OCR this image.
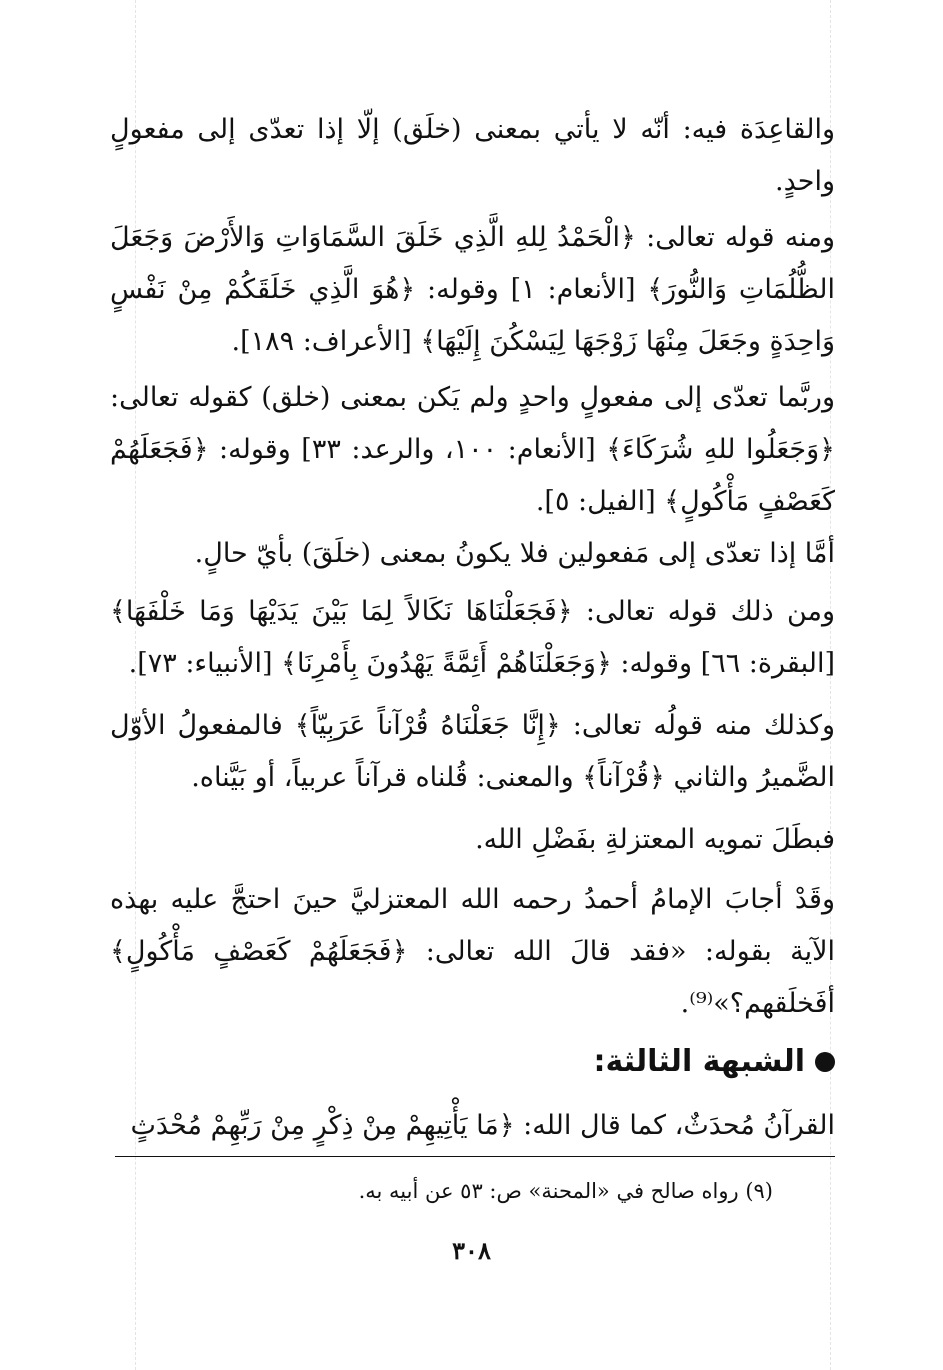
والقاعِدَة فيه: أنّه لا يأتي بمعنى (خلَق) إلّا إذا تعدّى إلى مفعولٍ واحدٍ.

ومنه قوله تعالى: ﴿الْحَمْدُ لِلهِ الَّذِي خَلَقَ السَّمَاوَاتِ وَالأَرْضَ وَجَعَلَ الظُّلُمَاتِ وَالنُّورَ﴾ [الأنعام: ١] وقوله: ﴿هُوَ الَّذِي خَلَقَكُمْ مِنْ نَفْسٍ وَاحِدَةٍ وجَعَلَ مِنْهَا زَوْجَهَا لِيَسْكُنَ إِلَيْهَا﴾ [الأعراف: ١٨٩].

وربَّما تعدّى إلى مفعولٍ واحدٍ ولم يَكن بمعنى (خلق) كقوله تعالى: ﴿وَجَعَلُوا للهِ شُرَكَاءَ﴾ [الأنعام: ١٠٠، والرعد: ٣٣] وقوله: ﴿فَجَعَلَهُمْ كَعَصْفٍ مَأْكُولٍ﴾ [الفيل: ٥].

أمَّا إذا تعدّى إلى مَفعولين فلا يكونُ بمعنى (خلَقَ) بأيّ حالٍ.

ومن ذلك قوله تعالى: ﴿فَجَعَلْنَاهَا نَكَالاً لِمَا بَيْنَ يَدَيْهَا وَمَا خَلْفَهَا﴾ [البقرة: ٦٦] وقوله: ﴿وَجَعَلْنَاهُمْ أَئِمَّةً يَهْدُونَ بِأَمْرِنَا﴾ [الأنبياء: ٧٣].

وكذلك منه قولُه تعالى: ﴿إِنَّا جَعَلْنَاهُ قُرْآناً عَرَبِيّاً﴾ فالمفعولُ الأوّل الضَّميرُ والثاني ﴿قُرْآناً﴾ والمعنى: قُلناه قرآناً عربياً، أو بَيَّناه.

فبطَلَ تمويه المعتزلةِ بفَضْلِ الله.

وقَدْ أجابَ الإمامُ أحمدُ رحمه الله المعتزليَّ حينَ احتجَّ عليه بهذه الآية بقوله: «فقد قالَ الله تعالى: ﴿فَجَعَلَهُمْ كَعَصْفٍ مَأْكُولٍ﴾ أفَخلَقهم؟»⁽⁹⁾.

الشبهة الثالثة:

القرآنُ مُحدَثٌ، كما قال الله: ﴿مَا يَأْتِيهِمْ مِنْ ذِكْرٍ مِنْ رَبِّهِمْ مُحْدَثٍ

(٩) رواه صالح في «المحنة» ص: ٥٣ عن أبيه به.
٣٠٨
